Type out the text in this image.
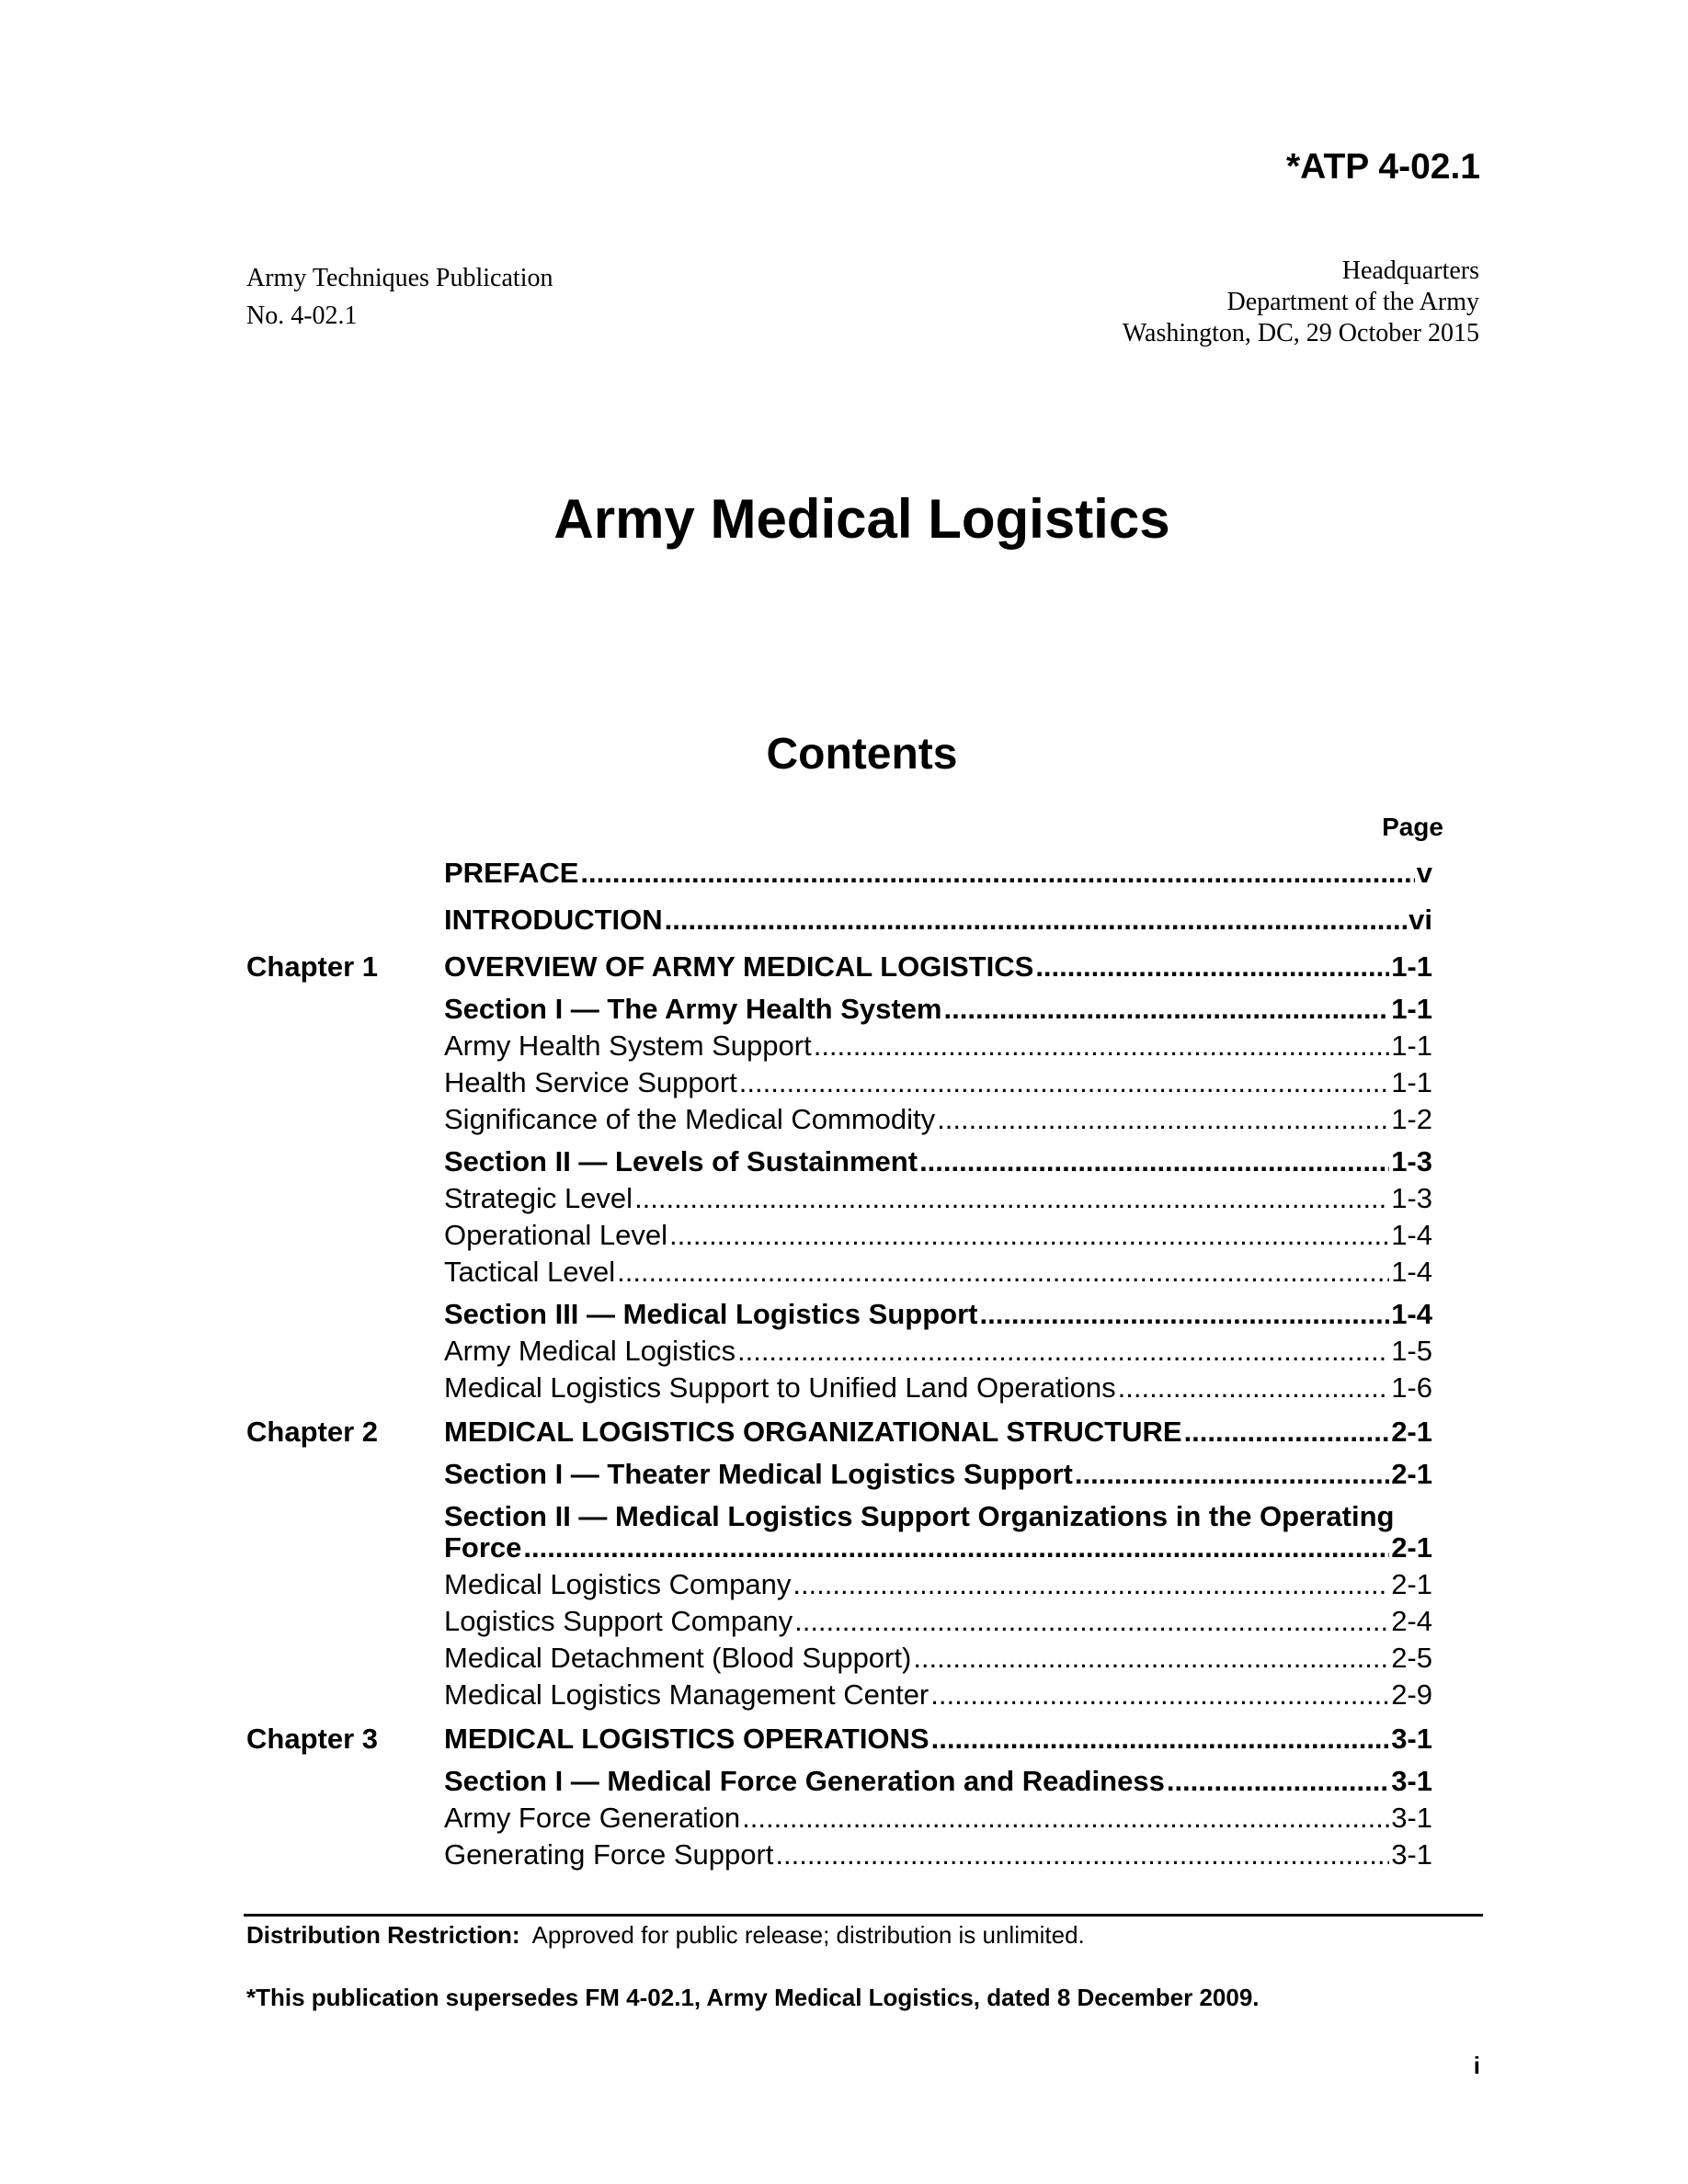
*ATP 4-02.1
Army Techniques Publication
No. 4-02.1
Headquarters
Department of the Army
Washington, DC, 29 October 2015
Army Medical Logistics
Contents
Page
PREFACE .....	v
INTRODUCTION .....	vi
Chapter 1	OVERVIEW OF ARMY MEDICAL LOGISTICS .....	1-1
Section I — The Army Health System .....	1-1
Army Health System Support .....	1-1
Health Service Support .....	1-1
Significance of the Medical Commodity .....	1-2
Section II — Levels of Sustainment .....	1-3
Strategic Level .....	1-3
Operational Level .....	1-4
Tactical Level .....	1-4
Section III — Medical Logistics Support .....	1-4
Army Medical Logistics .....	1-5
Medical Logistics Support to Unified Land Operations .....	1-6
Chapter 2	MEDICAL LOGISTICS ORGANIZATIONAL STRUCTURE .....	2-1
Section I — Theater Medical Logistics Support .....	2-1
Section II — Medical Logistics Support Organizations in the Operating
Force .....	2-1
Medical Logistics Company .....	2-1
Logistics Support Company .....	2-4
Medical Detachment (Blood Support) .....	2-5
Medical Logistics Management Center .....	2-9
Chapter 3	MEDICAL LOGISTICS OPERATIONS .....	3-1
Section I — Medical Force Generation and Readiness .....	3-1
Army Force Generation .....	3-1
Generating Force Support .....	3-1
Distribution Restriction: Approved for public release; distribution is unlimited.
*This publication supersedes FM 4-02.1, Army Medical Logistics, dated 8 December 2009.
i
